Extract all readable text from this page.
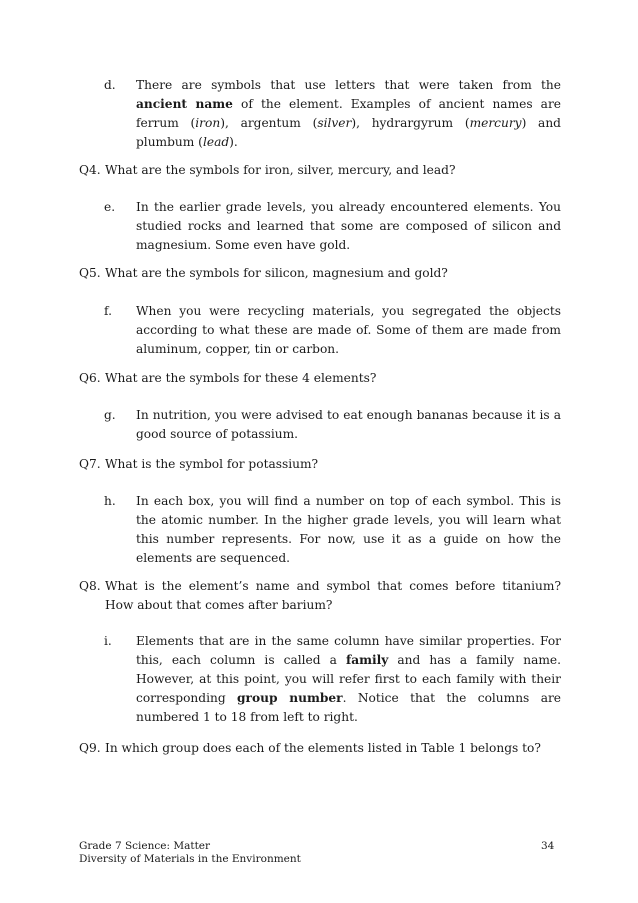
d.	There are symbols that use letters that were taken from the ancient name of the element. Examples of ancient names are ferrum (iron), argentum (silver), hydrargyrum (mercury) and plumbum (lead).
Q4. What are the symbols for iron, silver, mercury, and lead?
e.	In the earlier grade levels, you already encountered elements. You studied rocks and learned that some are composed of silicon and magnesium. Some even have gold.
Q5. What are the symbols for silicon, magnesium and gold?
f.	When you were recycling materials, you segregated the objects according to what these are made of. Some of them are made from aluminum, copper, tin or carbon.
Q6. What are the symbols for these 4 elements?
g.	In nutrition, you were advised to eat enough bananas because it is a good source of potassium.
Q7. What is the symbol for potassium?
h.	In each box, you will find a number on top of each symbol. This is the atomic number. In the higher grade levels, you will learn what this number represents. For now, use it as a guide on how the elements are sequenced.
Q8. What is the element’s name and symbol that comes before titanium? How about that comes after barium?
i.	Elements that are in the same column have similar properties. For this, each column is called a family and has a family name. However, at this point, you will refer first to each family with their corresponding group number. Notice that the columns are numbered 1 to 18 from left to right.
Q9. In which group does each of the elements listed in Table 1 belongs to?
Grade 7 Science: Matter
Diversity of Materials in the Environment
34
